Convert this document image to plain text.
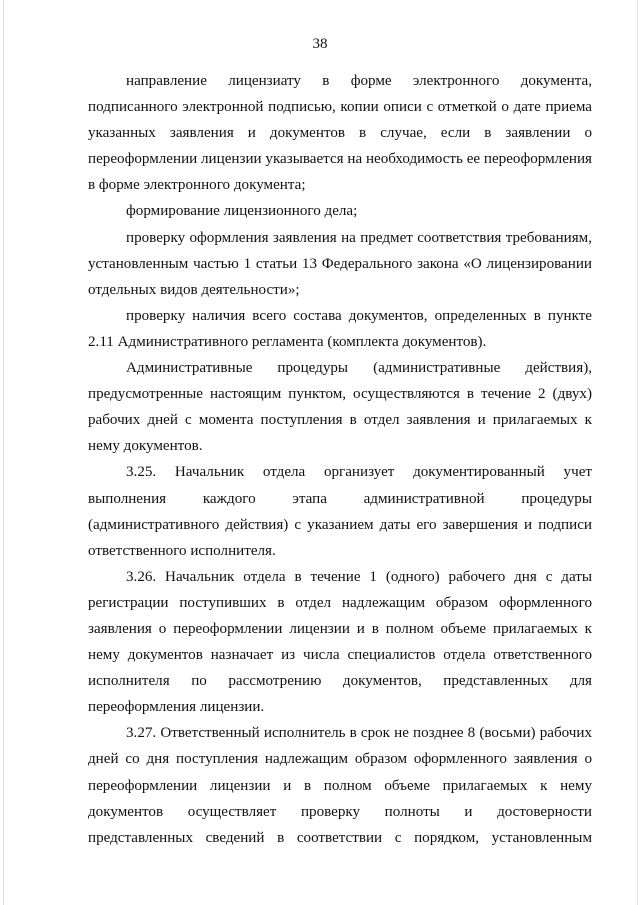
38

направление лицензиату в форме электронного документа, подписанного электронной подписью, копии описи с отметкой о дате приема указанных заявления и документов в случае, если в заявлении о переоформлении лицензии указывается на необходимость ее переоформления в форме электронного документа;

формирование лицензионного дела;

проверку оформления заявления на предмет соответствия требованиям, установленным частью 1 статьи 13 Федерального закона «О лицензировании отдельных видов деятельности»;

проверку наличия всего состава документов, определенных в пункте 2.11 Административного регламента (комплекта документов).

Административные процедуры (административные действия), предусмотренные настоящим пунктом, осуществляются в течение 2 (двух) рабочих дней с момента поступления в отдел заявления и прилагаемых к нему документов.

3.25. Начальник отдела организует документированный учет выполнения каждого этапа административной процедуры (административного действия) с указанием даты его завершения и подписи ответственного исполнителя.

3.26. Начальник отдела в течение 1 (одного) рабочего дня с даты регистрации поступивших в отдел надлежащим образом оформленного заявления о переоформлении лицензии и в полном объеме прилагаемых к нему документов назначает из числа специалистов отдела ответственного исполнителя по рассмотрению документов, представленных для переоформления лицензии.

3.27. Ответственный исполнитель в срок не позднее 8 (восьми) рабочих дней со дня поступления надлежащим образом оформленного заявления о переоформлении лицензии и в полном объеме прилагаемых к нему документов осуществляет проверку полноты и достоверности представленных сведений в соответствии с порядком, установленным
